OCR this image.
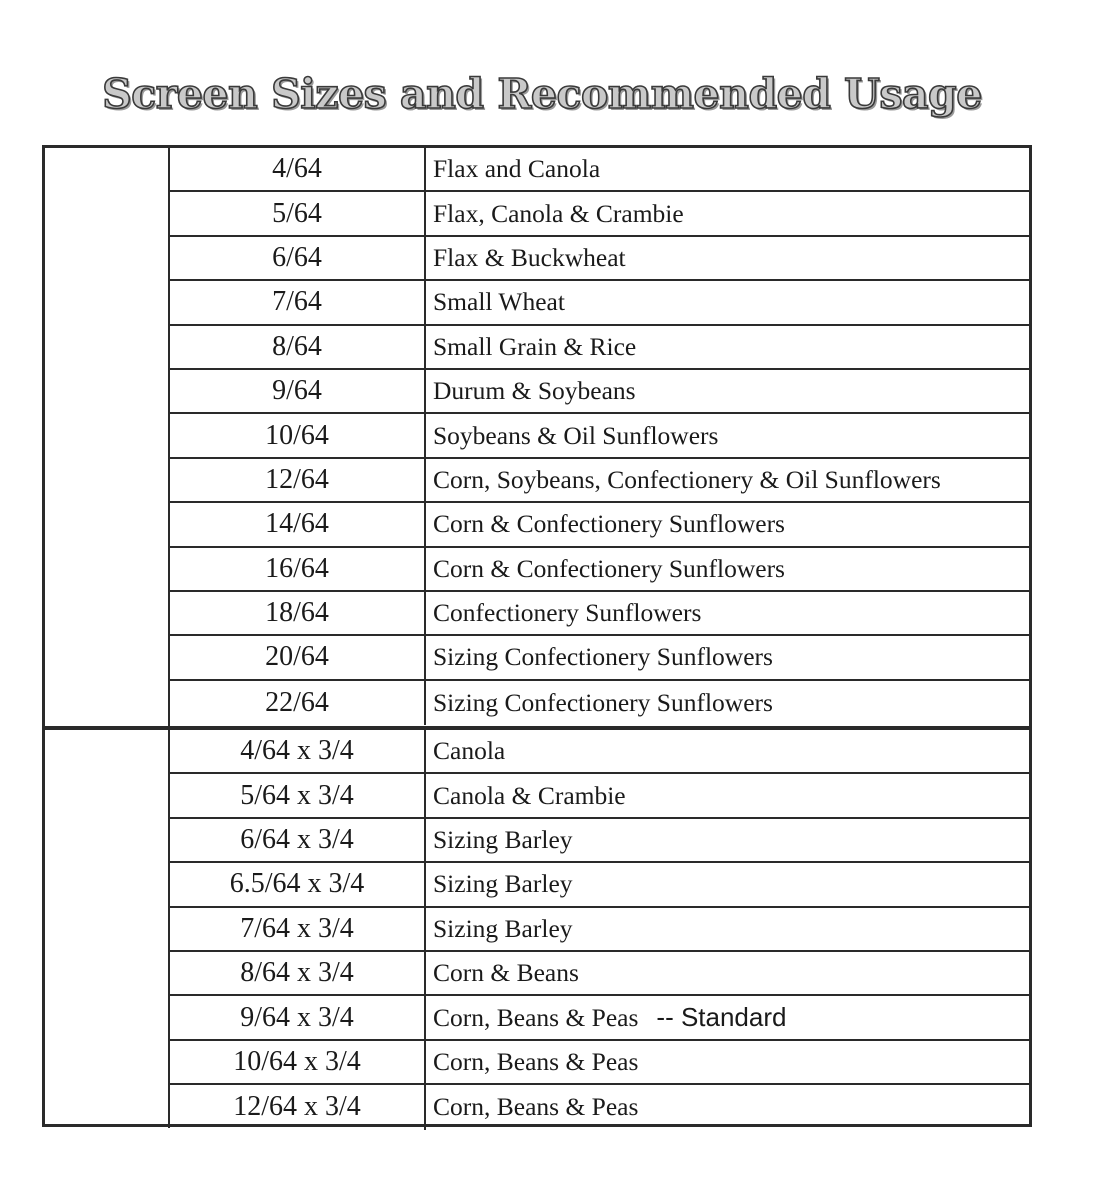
Screen Sizes and Recommended Usage
4/64	Flax and Canola
5/64	Flax, Canola & Crambie
6/64	Flax & Buckwheat
7/64	Small Wheat
8/64	Small Grain & Rice
9/64	Durum & Soybeans
10/64	Soybeans & Oil Sunflowers
12/64	Corn, Soybeans, Confectionery & Oil Sunflowers
14/64	Corn & Confectionery Sunflowers
16/64	Corn & Confectionery Sunflowers
18/64	Confectionery Sunflowers
20/64	Sizing Confectionery Sunflowers
22/64	Sizing Confectionery Sunflowers
4/64 x 3/4	Canola
5/64 x 3/4	Canola & Crambie
6/64 x 3/4	Sizing Barley
6.5/64 x 3/4	Sizing Barley
7/64 x 3/4	Sizing Barley
8/64 x 3/4	Corn & Beans
9/64 x 3/4	Corn, Beans & Peas -- Standard
10/64 x 3/4	Corn, Beans & Peas
12/64 x 3/4	Corn, Beans & Peas
